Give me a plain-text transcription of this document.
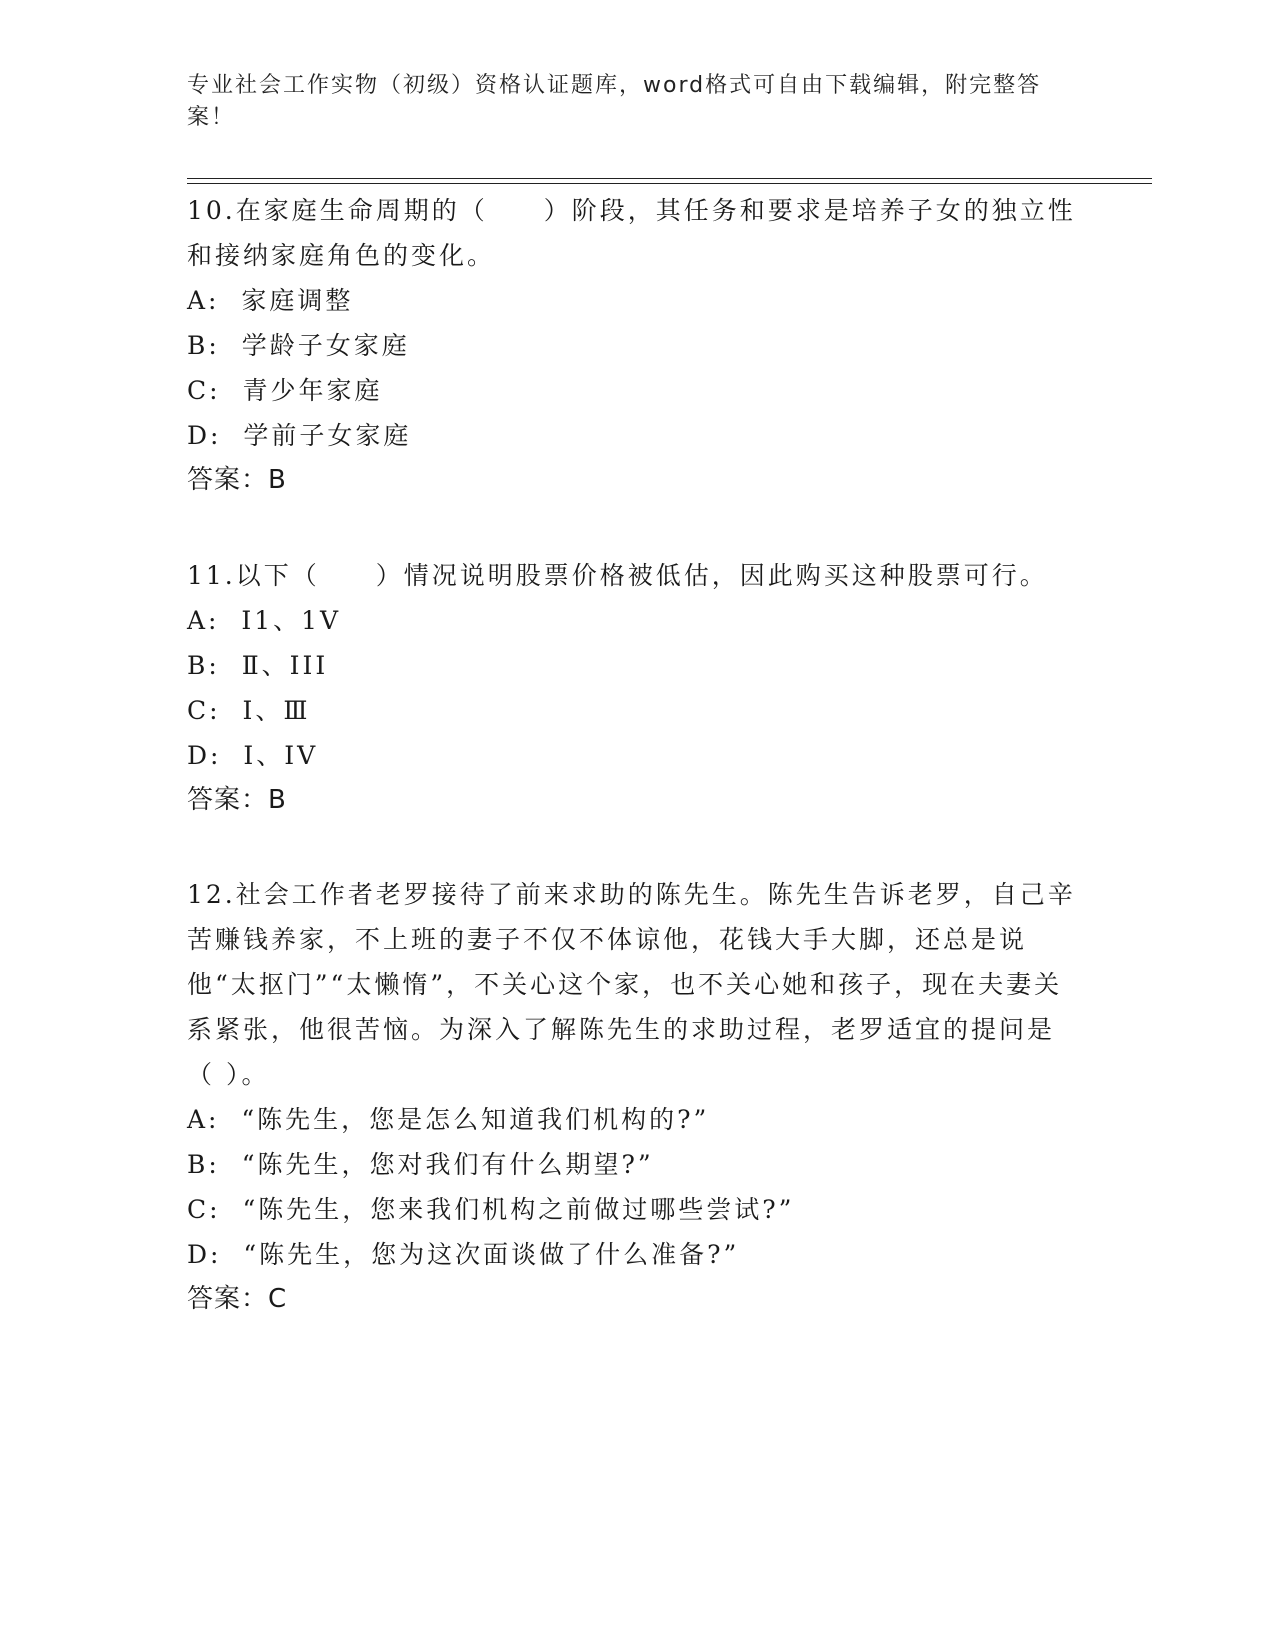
专业社会工作实物（初级）资格认证题库，word格式可自由下载编辑，附完整答案！

10.在家庭生命周期的（　　）阶段，其任务和要求是培养子女的独立性和接纳家庭角色的变化。

A:  家庭调整

B:  学龄子女家庭

C:  青少年家庭

D:  学前子女家庭

答案：B

11.以下（　　）情况说明股票价格被低估，因此购买这种股票可行。

A:  I1、1V

B:  Ⅱ、III

C:  I、Ⅲ

D:  I、IV

答案：B

12.社会工作者老罗接待了前来求助的陈先生。陈先生告诉老罗，自己辛苦赚钱养家，不上班的妻子不仅不体谅他，花钱大手大脚，还总是说他“太抠门”“太懒惰”，不关心这个家，也不关心她和孩子，现在夫妻关系紧张，他很苦恼。为深入了解陈先生的求助过程，老罗适宜的提问是（ ）。

A:  “陈先生，您是怎么知道我们机构的?”

B:  “陈先生，您对我们有什么期望?”

C:  “陈先生，您来我们机构之前做过哪些尝试?”

D:  “陈先生，您为这次面谈做了什么准备?”

答案：C
